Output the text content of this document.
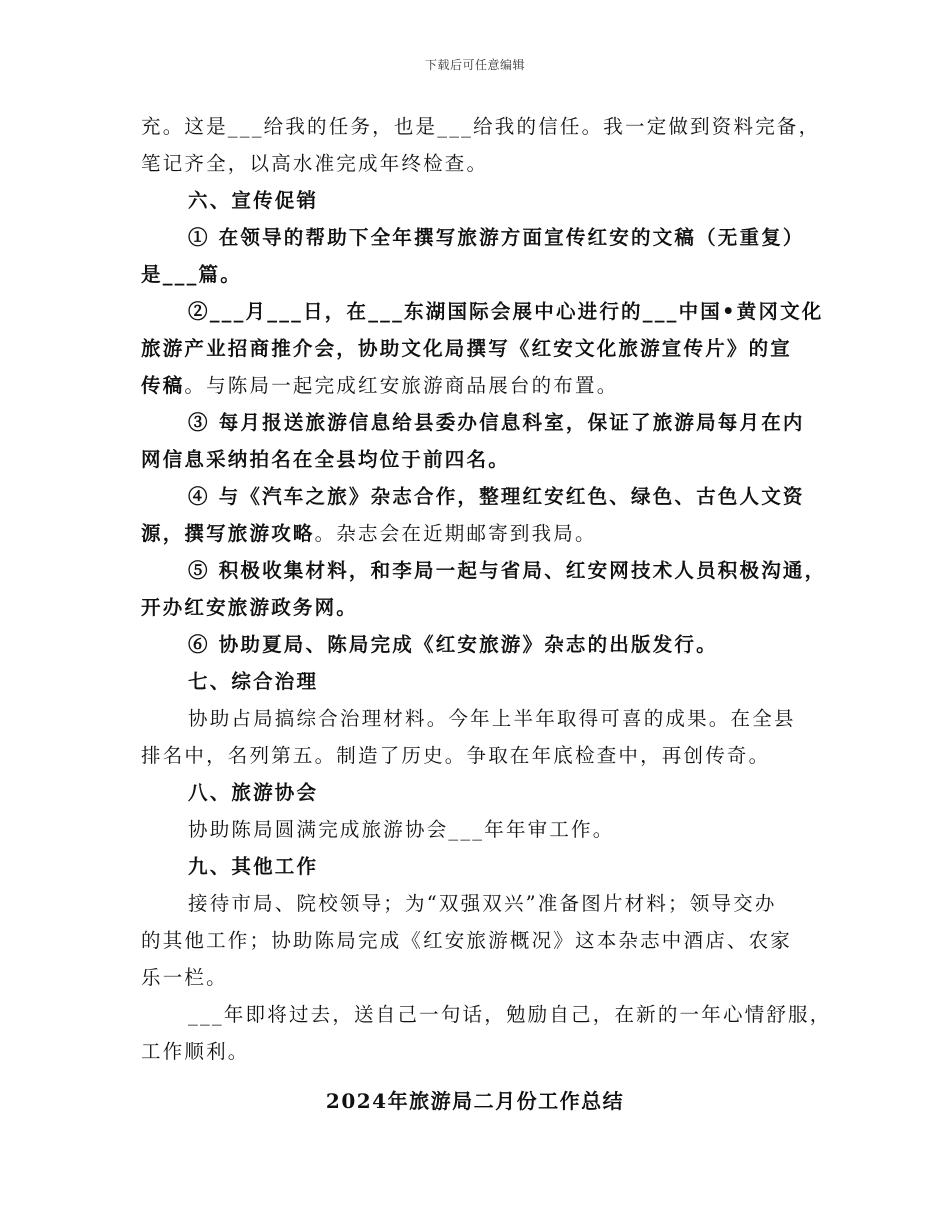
下载后可任意编辑
充。这是___给我的任务，也是___给我的信任。我一定做到资料完备，
笔记齐全，以高水准完成年终检查。
六、宣传促销
① 在领导的帮助下全年撰写旅游方面宣传红安的文稿（无重复）
是___篇。
②___月___日，在___东湖国际会展中心进行的___中国•黄冈文化
旅游产业招商推介会，协助文化局撰写《红安文化旅游宣传片》的宣
传稿。与陈局一起完成红安旅游商品展台的布置。
③ 每月报送旅游信息给县委办信息科室，保证了旅游局每月在内
网信息采纳拍名在全县均位于前四名。
④ 与《汽车之旅》杂志合作，整理红安红色、绿色、古色人文资
源，撰写旅游攻略。杂志会在近期邮寄到我局。
⑤ 积极收集材料，和李局一起与省局、红安网技术人员积极沟通，
开办红安旅游政务网。
⑥ 协助夏局、陈局完成《红安旅游》杂志的出版发行。
七、综合治理
协助占局搞综合治理材料。今年上半年取得可喜的成果。在全县
排名中，名列第五。制造了历史。争取在年底检查中，再创传奇。
八、旅游协会
协助陈局圆满完成旅游协会___年年审工作。
九、其他工作
接待市局、院校领导；为“双强双兴”准备图片材料；领导交办
的其他工作；协助陈局完成《红安旅游概况》这本杂志中酒店、农家
乐一栏。
___年即将过去，送自己一句话，勉励自己，在新的一年心情舒服，
工作顺利。
2024年旅游局二月份工作总结
